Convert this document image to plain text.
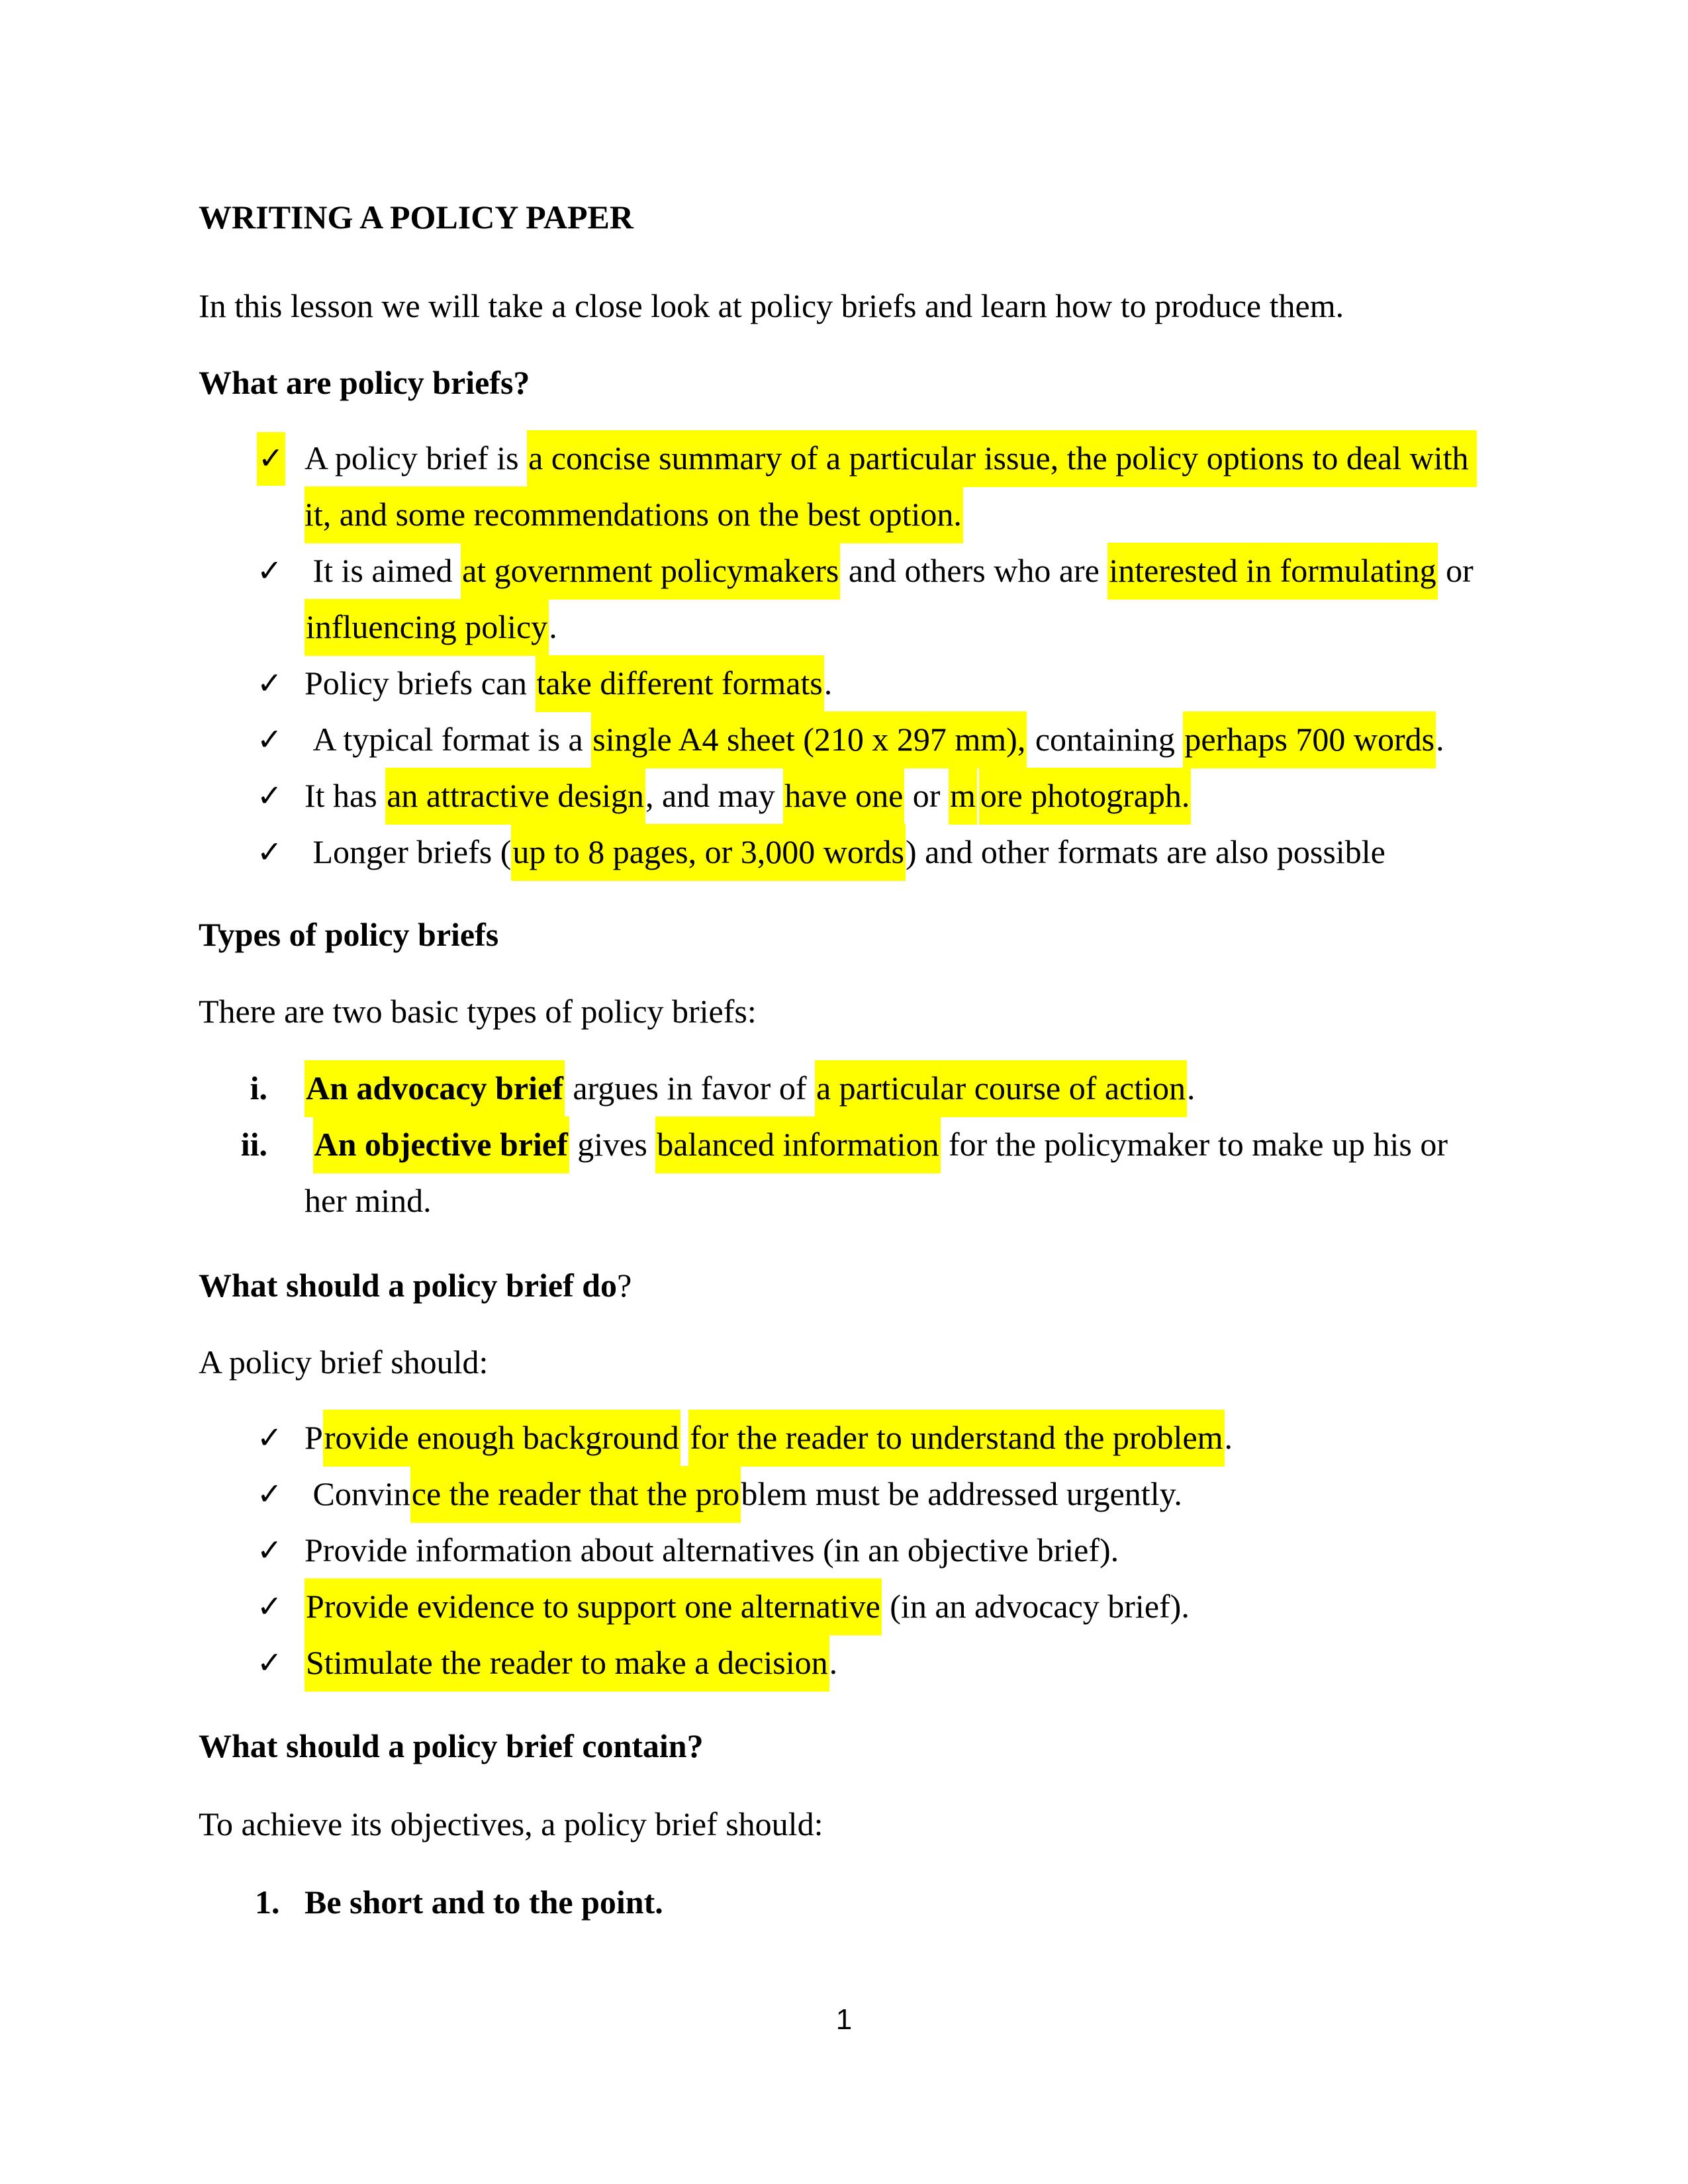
WRITING A POLICY PAPER

In this lesson we will take a close look at policy briefs and learn how to produce them.

What are policy briefs?
✓ A policy brief is a concise summary of a particular issue, the policy options to deal with it, and some recommendations on the best option.
✓ It is aimed at government policymakers and others who are interested in formulating or influencing policy.
✓ Policy briefs can take different formats.
✓ A typical format is a single A4 sheet (210 x 297 mm), containing perhaps 700 words.
✓ It has an attractive design, and may have one or m ore photograph.
✓ Longer briefs (up to 8 pages, or 3,000 words) and other formats are also possible
Types of policy briefs

There are two basic types of policy briefs:

i. An advocacy brief argues in favor of a particular course of action.
ii. An objective brief gives balanced information for the policymaker to make up his or her mind.
What should a policy brief do?

A policy brief should:

✓ Provide enough background for the reader to understand the problem.
✓ Convince the reader that the problem must be addressed urgently.
✓ Provide information about alternatives (in an objective brief).
✓ Provide evidence to support one alternative (in an advocacy brief).
✓ Stimulate the reader to make a decision.
What should a policy brief contain?

To achieve its objectives, a policy brief should:

1. Be short and to the point.
1
